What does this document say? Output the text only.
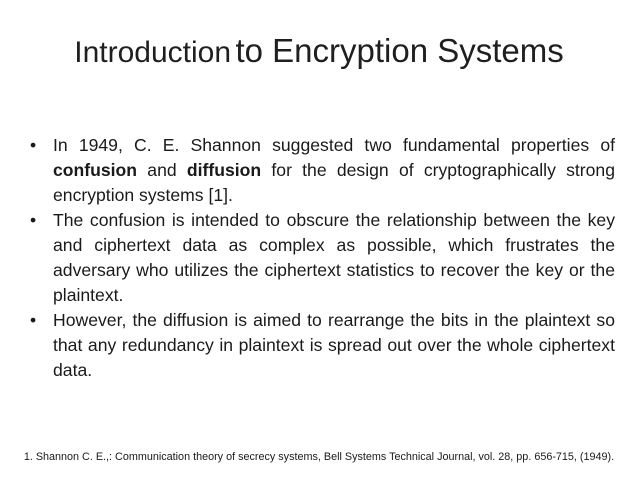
Introduction to Encryption Systems
• In 1949, C. E. Shannon suggested two fundamental properties of confusion and diffusion for the design of cryptographically strong encryption systems [1].
• The confusion is intended to obscure the relationship between the key and ciphertext data as complex as possible, which frustrates the adversary who utilizes the ciphertext statistics to recover the key or the plaintext.
• However, the diffusion is aimed to rearrange the bits in the plaintext so that any redundancy in plaintext is spread out over the whole ciphertext data.
1. Shannon C. E.,: Communication theory of secrecy systems, Bell Systems Technical Journal, vol. 28, pp. 656-715, (1949).
